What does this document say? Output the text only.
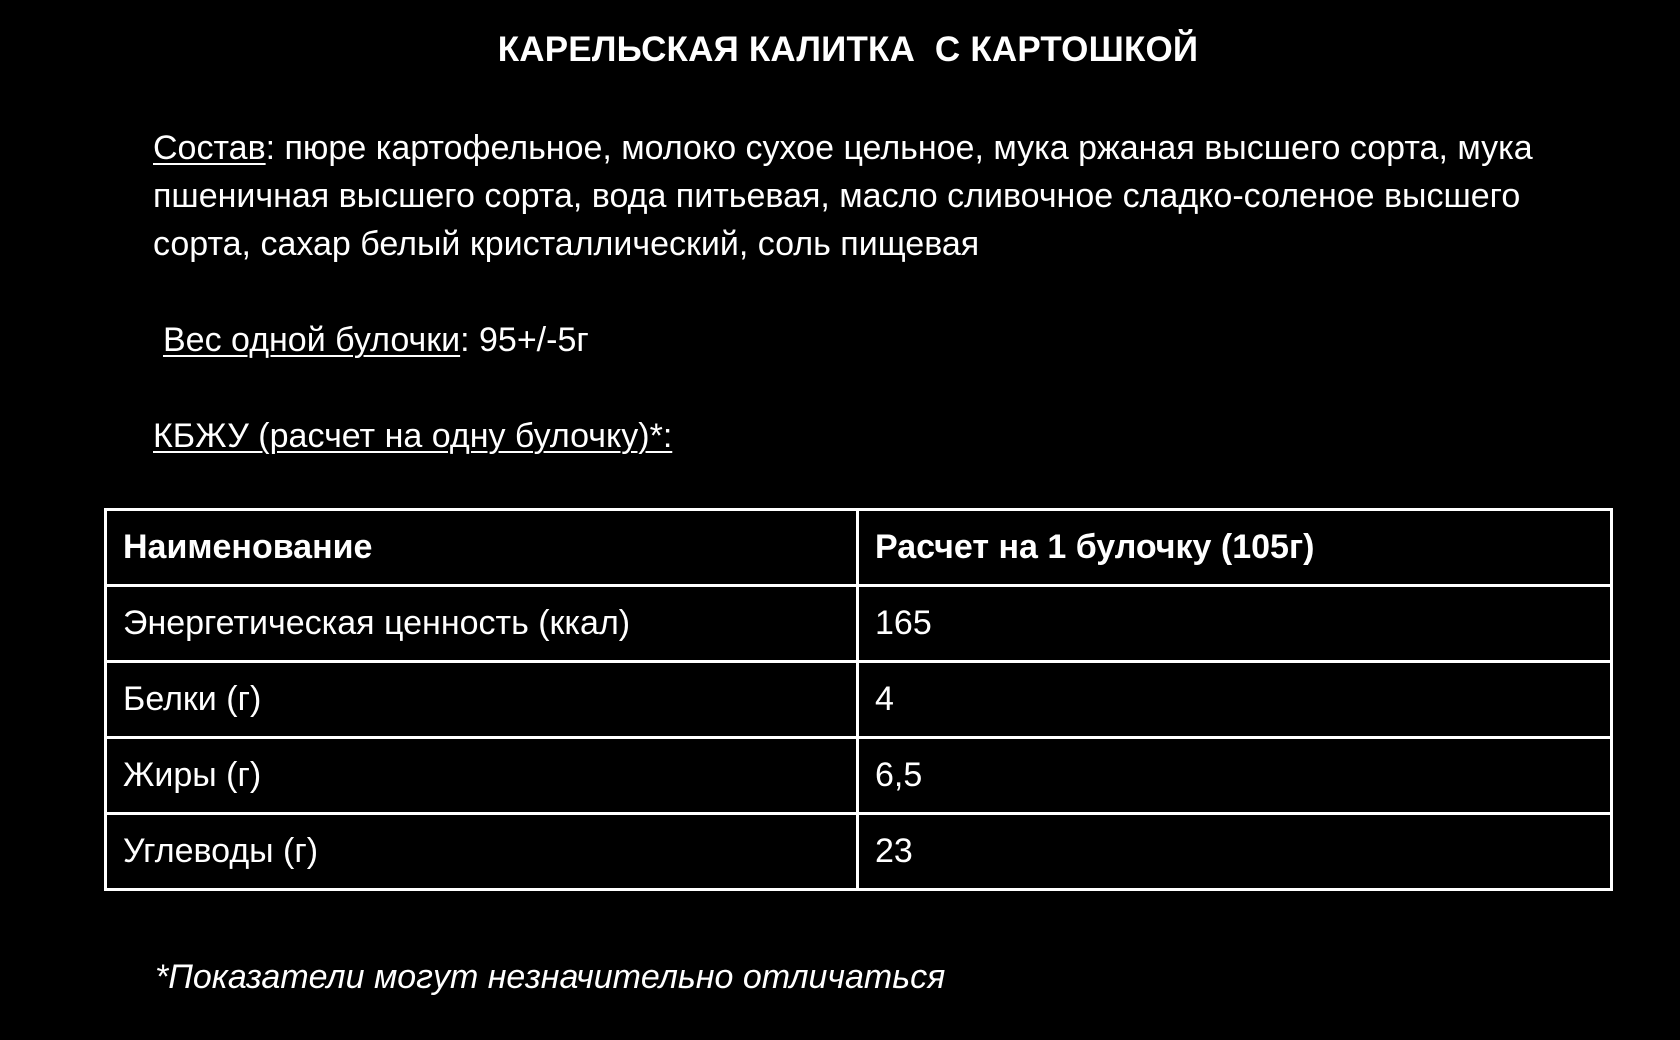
КАРЕЛЬСКАЯ КАЛИТКА  С КАРТОШКОЙ
Состав: пюре картофельное, молоко сухое цельное, мука ржаная высшего сорта, мука пшеничная высшего сорта, вода питьевая, масло сливочное сладко-соленое высшего сорта, сахар белый кристаллический, соль пищевая
Вес одной булочки: 95+/-5г
КБЖУ (расчет на одну булочку)*:
Наименование	Расчет на 1 булочку (105г)
Энергетическая ценность (ккал)	165
Белки (г)	4
Жиры (г)	6,5
Углеводы (г)	23
*Показатели могут незначительно отличаться
